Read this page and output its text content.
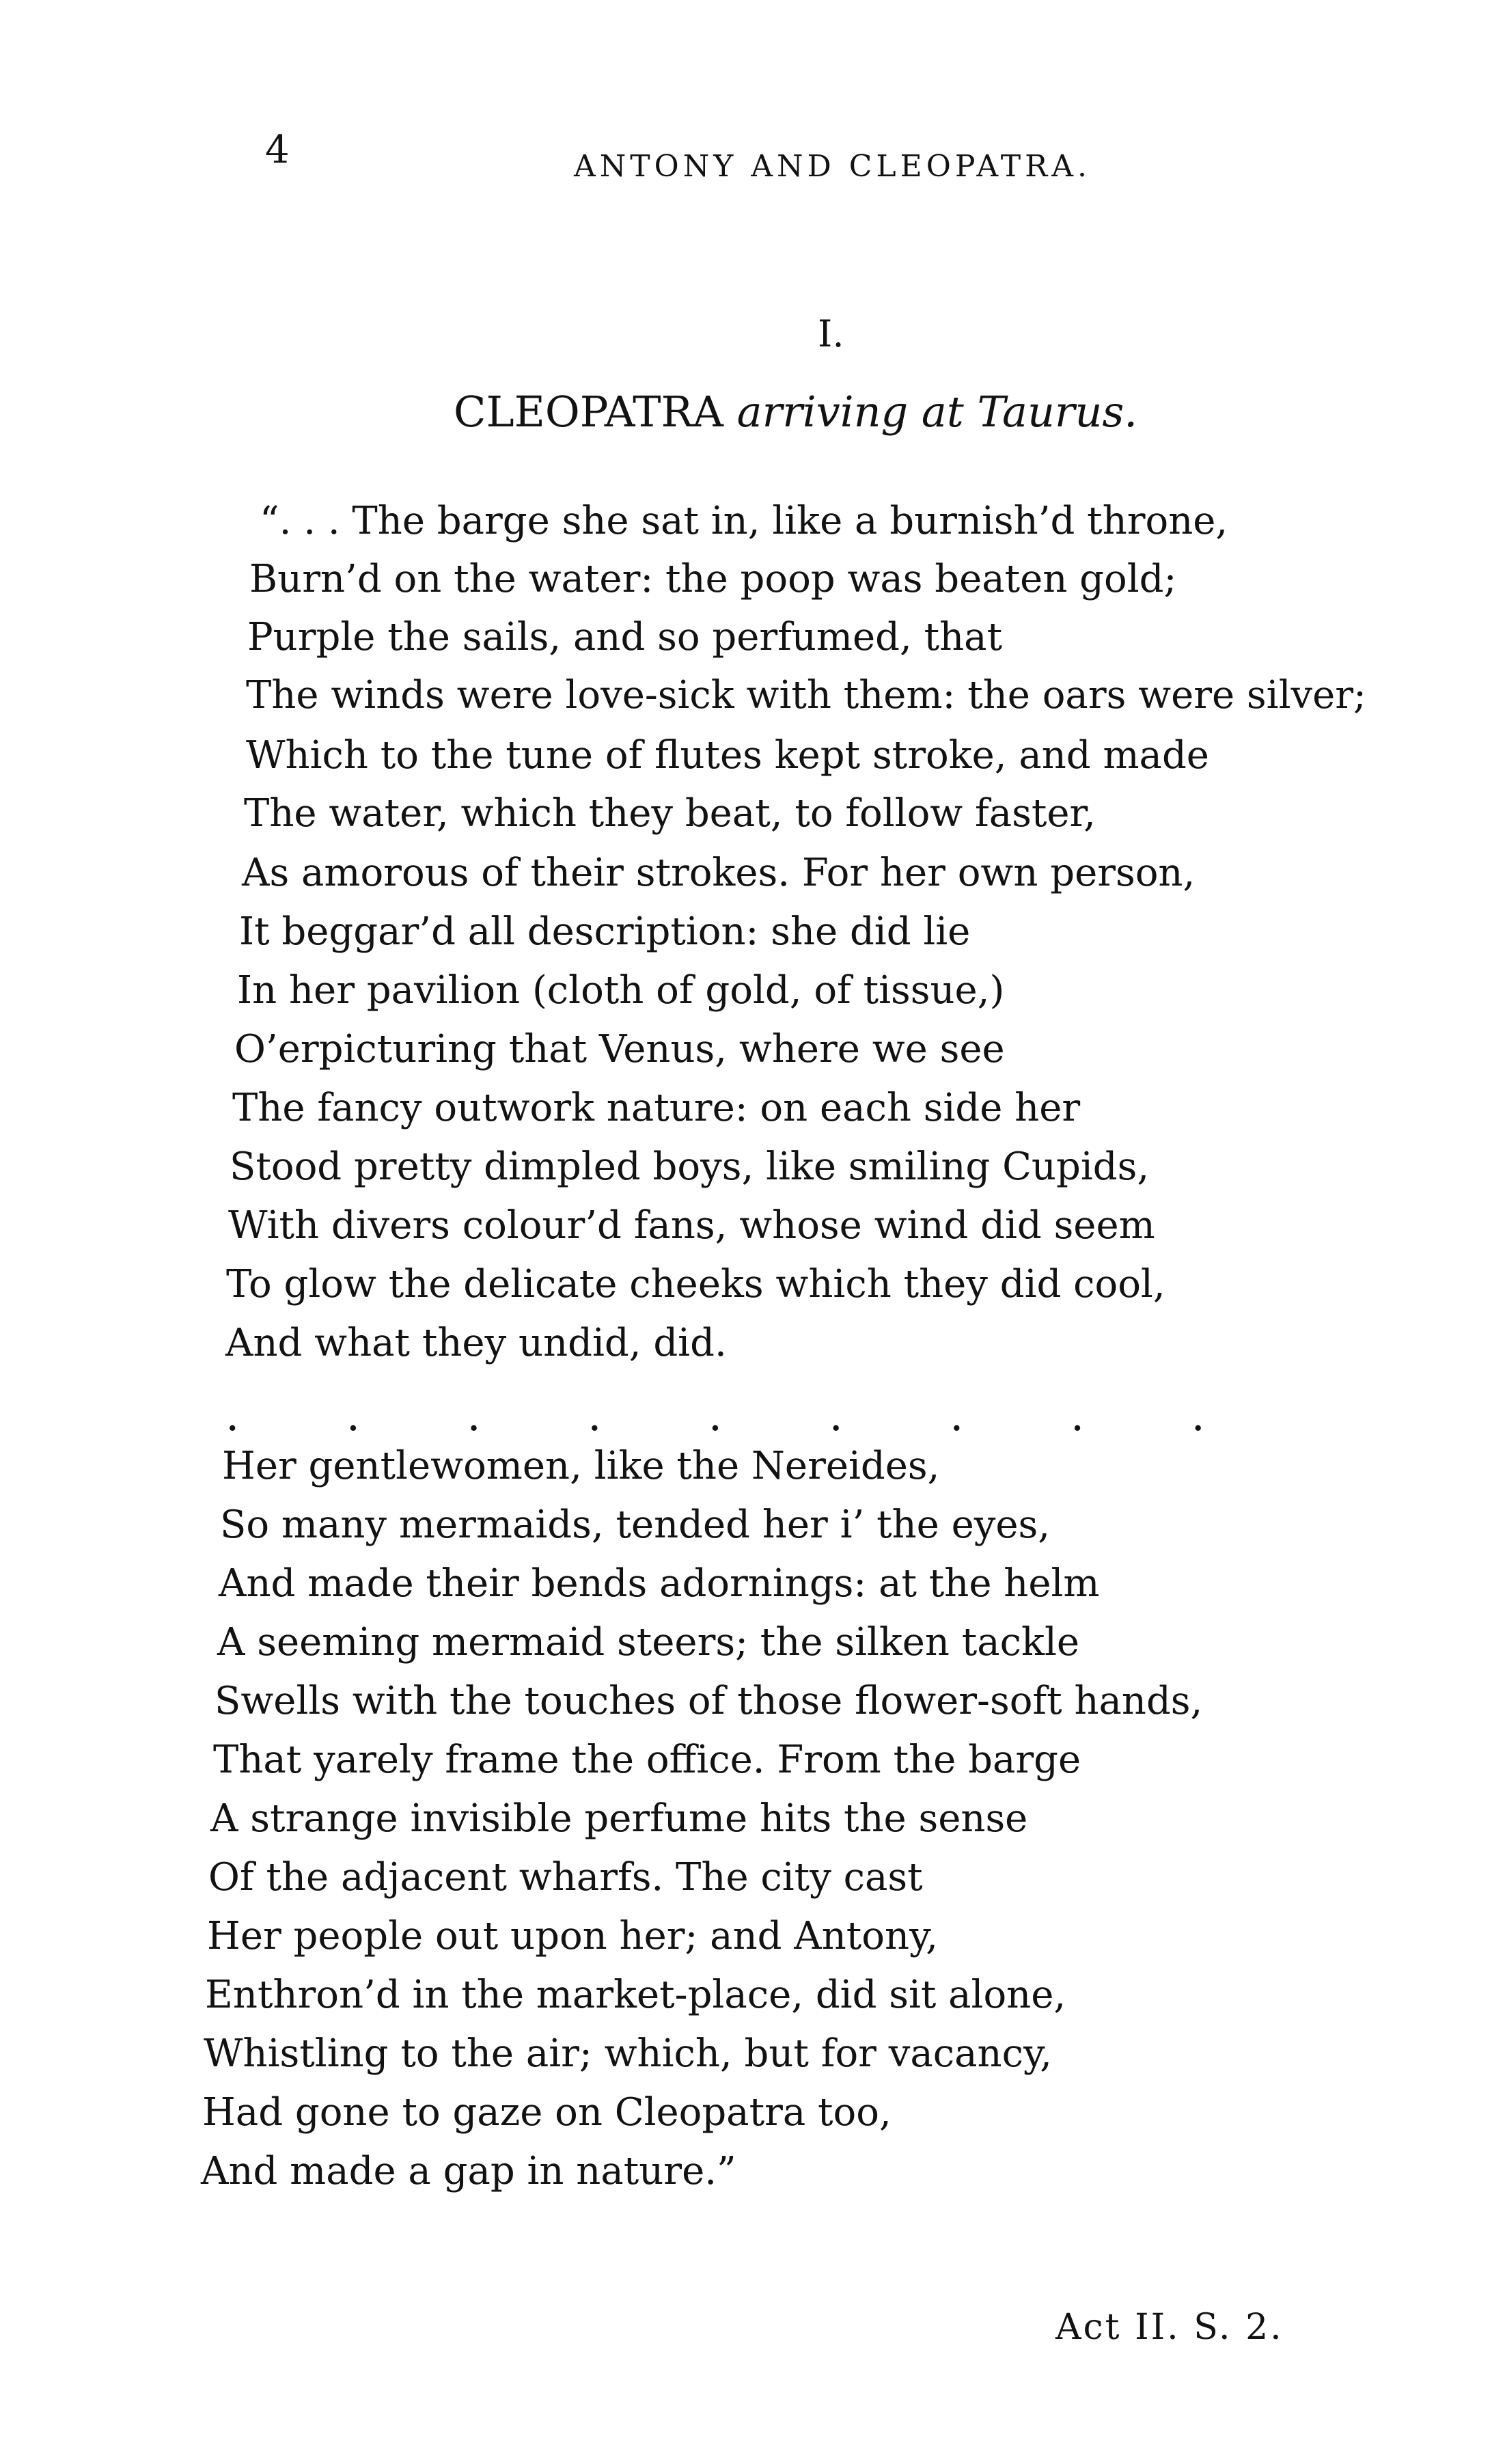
4	ANTONY AND CLEOPATRA.
I.
CLEOPATRA arriving at Taurus.
“. . . The barge she sat in, like a burnish’d throne,
Burn’d on the water: the poop was beaten gold;
Purple the sails, and so perfumed, that
The winds were love-sick with them: the oars were silver;
Which to the tune of flutes kept stroke, and made
The water, which they beat, to follow faster,
As amorous of their strokes. For her own person,
It beggar’d all description: she did lie
In her pavilion (cloth of gold, of tissue,)
O’erpicturing that Venus, where we see
The fancy outwork nature: on each side her
Stood pretty dimpled boys, like smiling Cupids,
With divers colour’d fans, whose wind did seem
To glow the delicate cheeks which they did cool,
And what they undid, did.
. . . . . . . . .
Her gentlewomen, like the Nereides,
So many mermaids, tended her i’ the eyes,
And made their bends adornings: at the helm
A seeming mermaid steers; the silken tackle
Swells with the touches of those flower-soft hands,
That yarely frame the office. From the barge
A strange invisible perfume hits the sense
Of the adjacent wharfs. The city cast
Her people out upon her; and Antony,
Enthron’d in the market-place, did sit alone,
Whistling to the air; which, but for vacancy,
Had gone to gaze on Cleopatra too,
And made a gap in nature.”
Act II. S. 2.
